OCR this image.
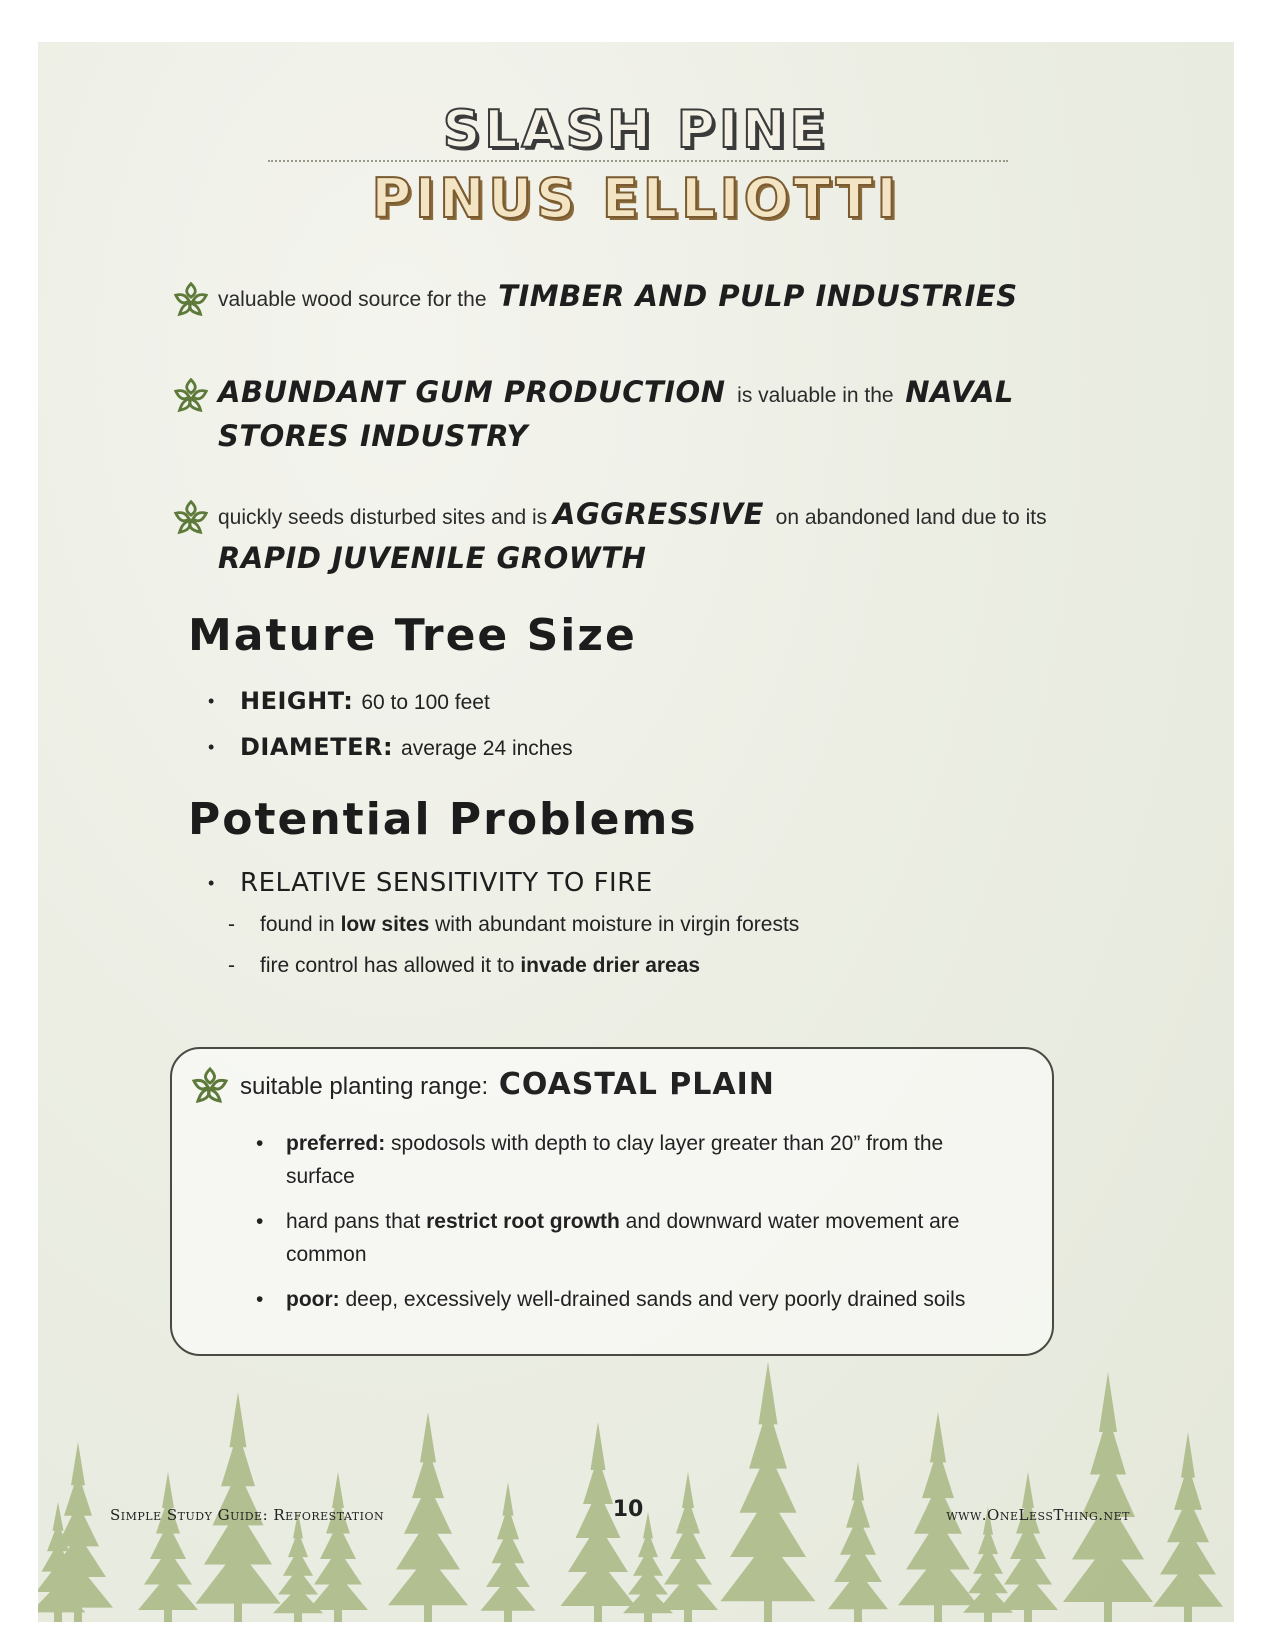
SLASH PINE
PINUS ELLIOTTI
valuable wood source for the TIMBER AND PULP INDUSTRIES
ABUNDANT GUM PRODUCTION is valuable in the NAVAL
STORES INDUSTRY
quickly seeds disturbed sites and is AGGRESSIVE on abandoned land due to its
RAPID JUVENILE GROWTH
Mature Tree Size
• HEIGHT: 60 to 100 feet
• DIAMETER: average 24 inches
Potential Problems
• RELATIVE SENSITIVITY TO FIRE
- found in low sites with abundant moisture in virgin forests
- fire control has allowed it to invade drier areas
suitable planting range: COASTAL PLAIN
• preferred: spodosols with depth to clay layer greater than 20” from the surface
• hard pans that restrict root growth and downward water movement are common
• poor: deep, excessively well-drained sands and very poorly drained soils
Simple Study Guide: Reforestation	10	www.OneLessThing.net
